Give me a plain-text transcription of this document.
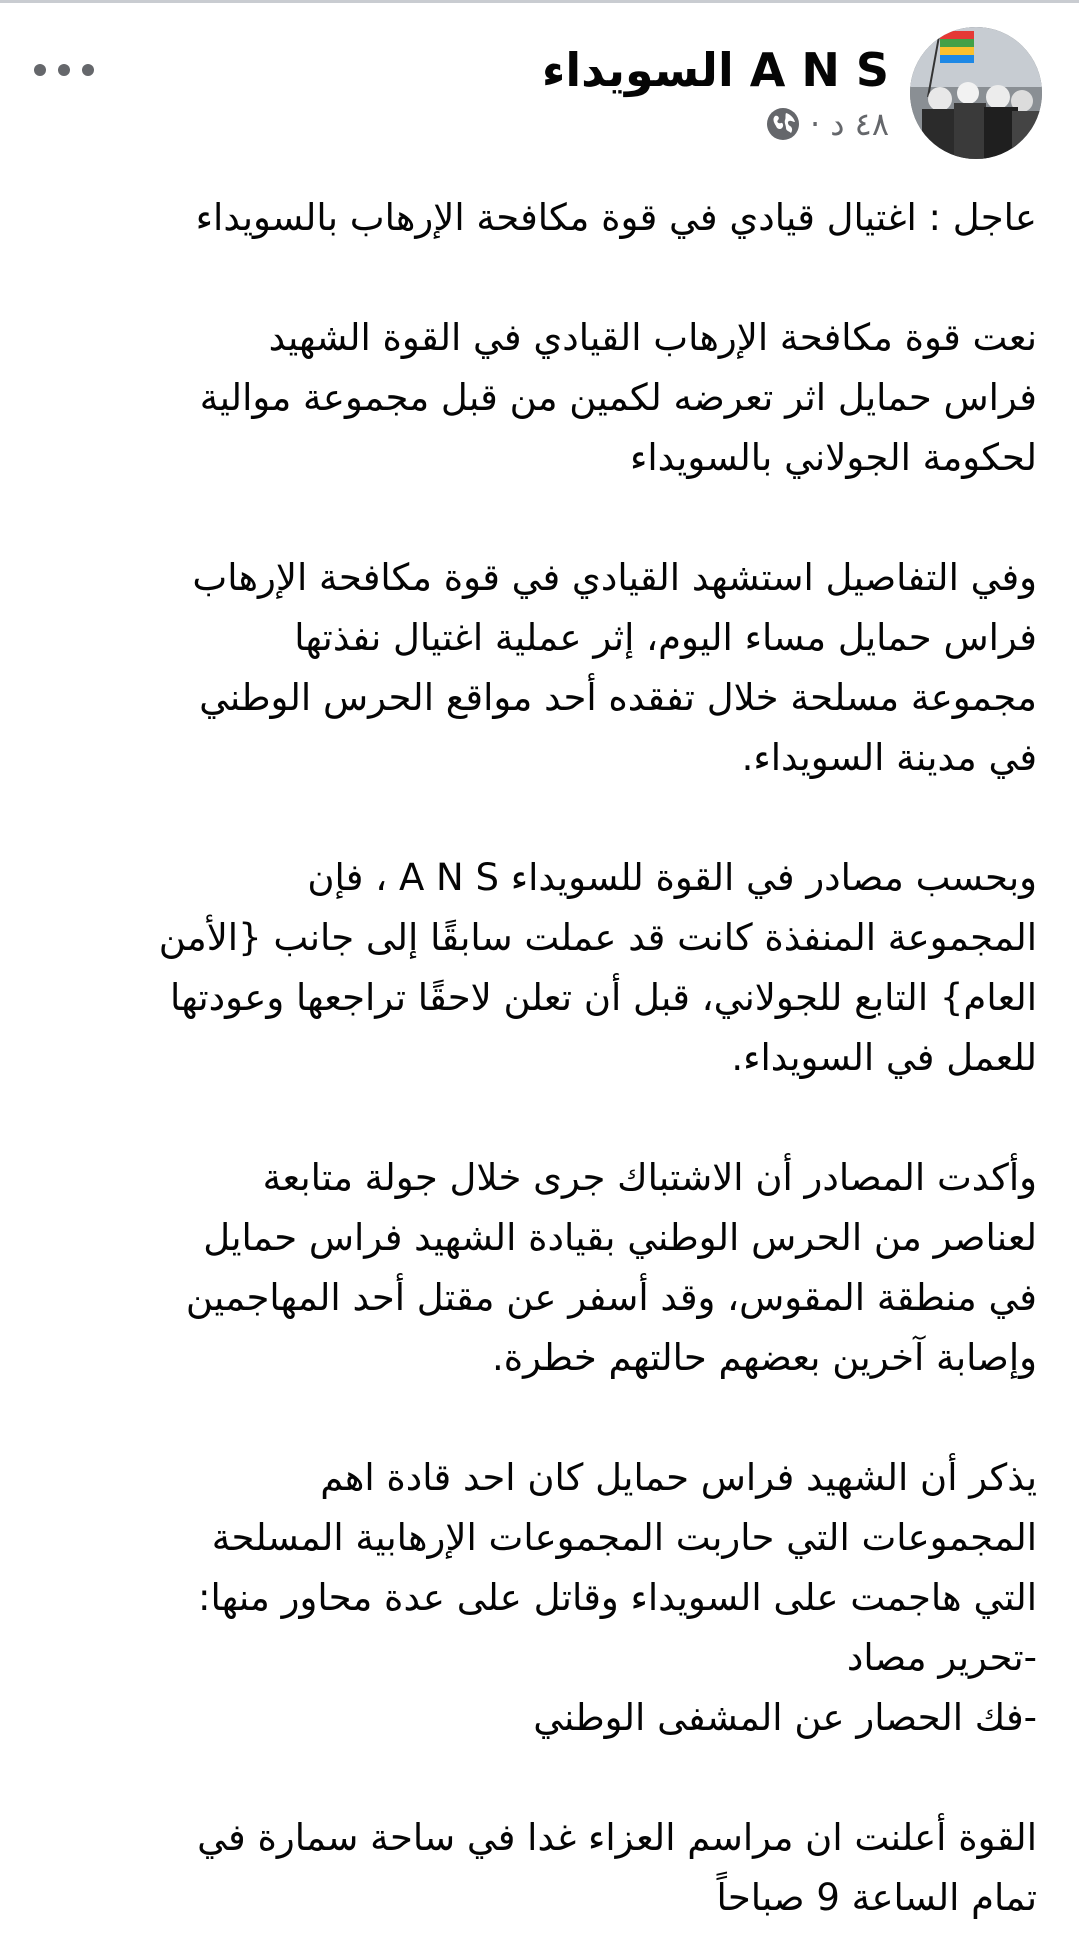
A N S السويداء
٤٨ د
·
عاجل : اغتيال قيادي في قوة مكافحة الإرهاب بالسويداء
نعت قوة مكافحة الإرهاب القيادي في القوة الشهيد
فراس حمايل اثر تعرضه لكمين من قبل مجموعة موالية
لحكومة الجولاني بالسويداء
وفي التفاصيل استشهد القيادي في قوة مكافحة الإرهاب
فراس حمايل مساء اليوم، إثر عملية اغتيال نفذتها
مجموعة مسلحة خلال تفقده أحد مواقع الحرس الوطني
في مدينة السويداء.
وبحسب مصادر في القوة للسويداء A N S ، فإن
المجموعة المنفذة كانت قد عملت سابقًا إلى جانب {الأمن
العام} التابع للجولاني، قبل أن تعلن لاحقًا تراجعها وعودتها
للعمل في السويداء.
وأكدت المصادر أن الاشتباك جرى خلال جولة متابعة
لعناصر من الحرس الوطني بقيادة الشهيد فراس حمايل
في منطقة المقوس، وقد أسفر عن مقتل أحد المهاجمين
وإصابة آخرين بعضهم حالتهم خطرة.
يذكر أن الشهيد فراس حمايل كان احد قادة اهم
المجموعات التي حاربت المجموعات الإرهابية المسلحة
التي هاجمت على السويداء وقاتل على عدة محاور منها:
-تحرير مصاد
-فك الحصار عن المشفى الوطني
القوة أعلنت ان مراسم العزاء غدا في ساحة سمارة في
تمام الساعة 9 صباحاً
